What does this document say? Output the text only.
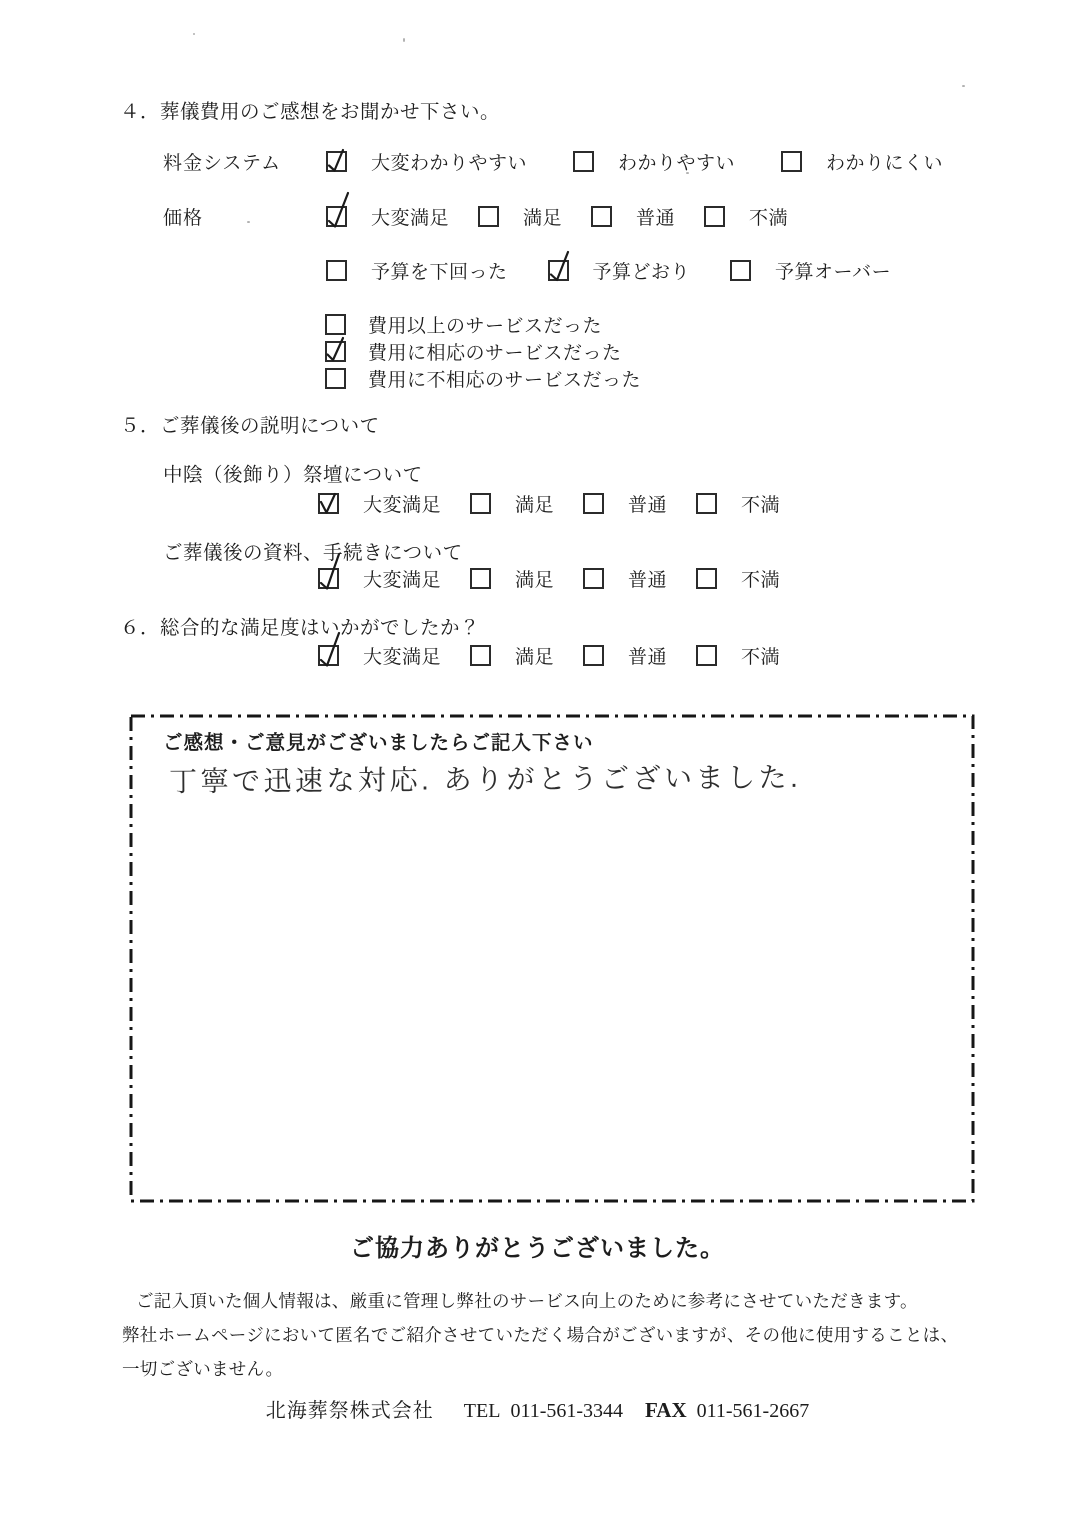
４．葬儀費用のご感想をお聞かせ下さい。
料金システム	大変わかりやすい	わかりやすい	わかりにくい
価格	大変満足	満足	普通	不満
予算を下回った	予算どおり	予算オーバー
費用以上のサービスだった
費用に相応のサービスだった
費用に不相応のサービスだった
５．ご葬儀後の説明について
中陰（後飾り）祭壇について
大変満足	満足	普通	不満
ご葬儀後の資料、手続きについて
大変満足	満足	普通	不満
６．総合的な満足度はいかがでしたか？
大変満足	満足	普通	不満
ご感想・ご意見がございましたらご記入下さい
丁寧で迅速な対応. ありがとうございました.
ご協力ありがとうございました。
ご記入頂いた個人情報は、厳重に管理し弊社のサービス向上のために参考にさせていただきます。
弊社ホームページにおいて匿名でご紹介させていただく場合がございますが、その他に使用することは、
一切ございません。
北海葬祭株式会社 TEL 011-561-3344 FAX 011-561-2667
